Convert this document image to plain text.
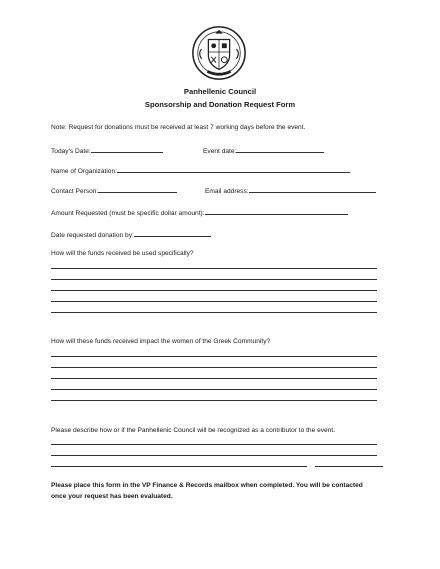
Panhellenic Council
Sponsorship and Donation Request Form
Note: Request for donations must be received at least 7 working days before the event.
Today's Date:	Event date:
Name of Organization:
Contact Person:	Email address:
Amount Requested (must be specific dollar amount):
Date requested donation by:
How will the funds received be used specifically?
How will these funds received impact the women of the Greek Community?
Please describe how or if the Panhellenic Council will be recognized as a contributor to the event.
Please place this form in the VP Finance & Records mailbox when completed. You will be contacted
once your request has been evaluated.
